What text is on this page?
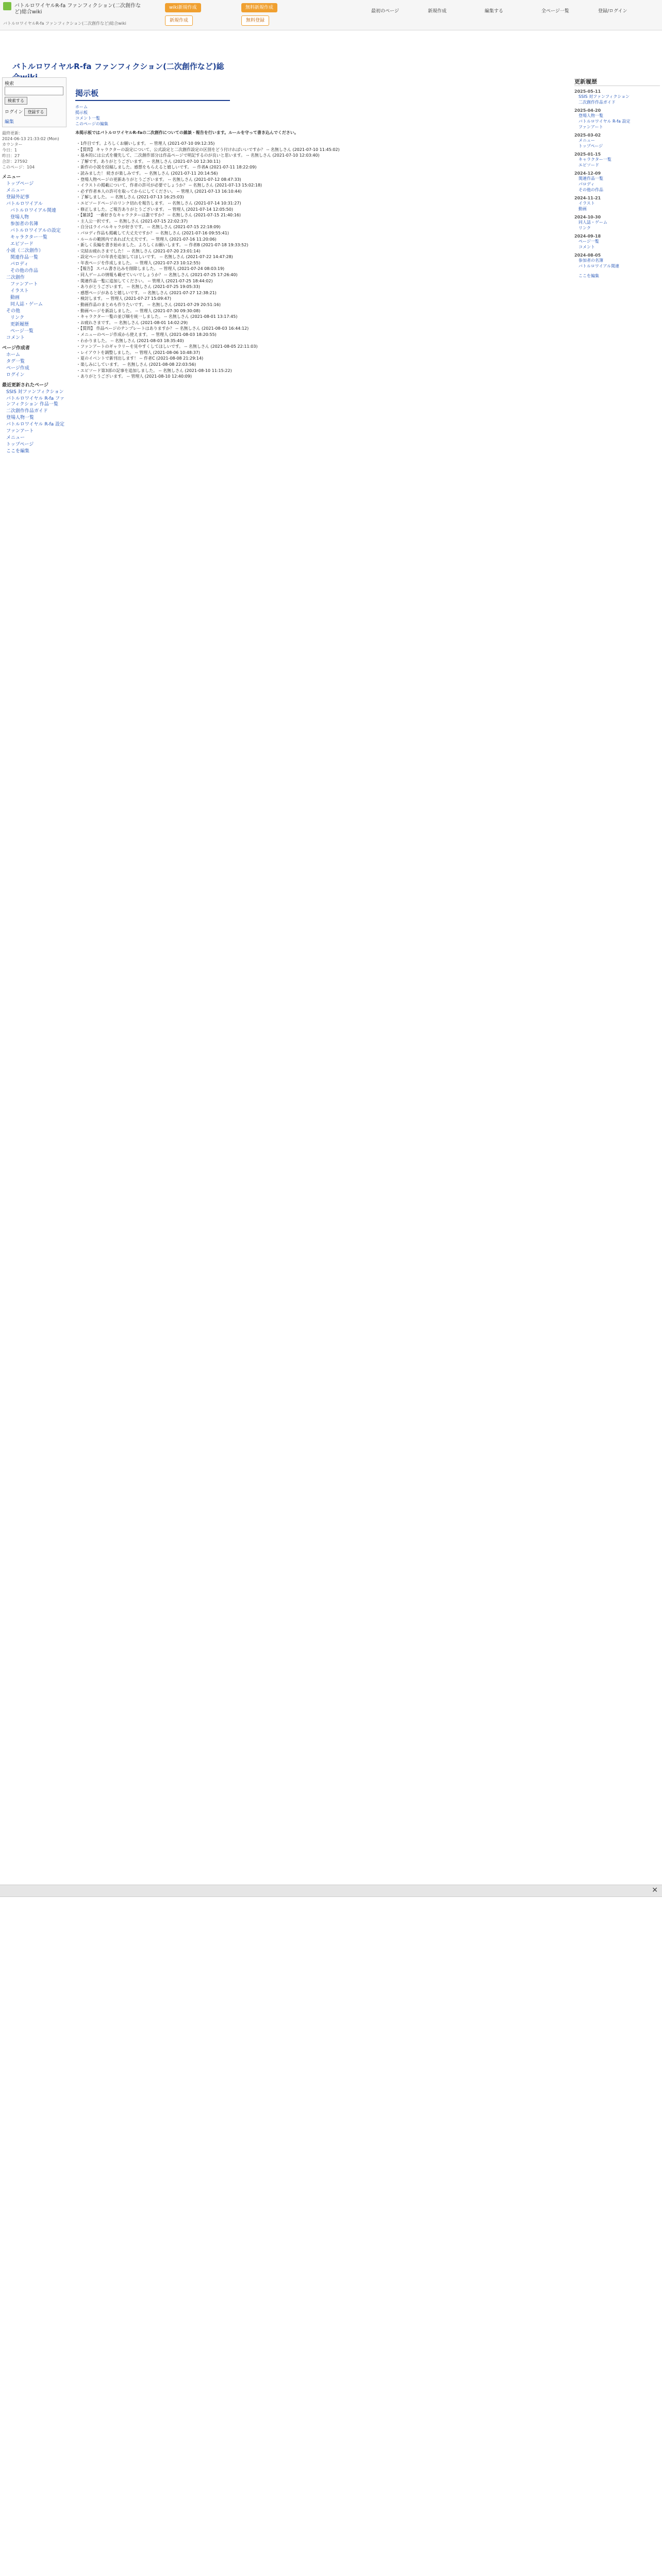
バトルロワイヤルR-fa ファンフィクション(二次創作など)総合wiki
バトルロワイヤルR-fa ファンフィクション(二次創作など)総合wiki
wiki新規作成	無料新規作成
新規作成	無料登録
最初のページ	新規作成	編集する	全ページ一覧	登録/ログイン
バトルロワイヤルR-fa ファンフィクション(二次創作など)総
検索
検索する
ログイン 登録する
編集
最終更新：
2024-06-13 21:33:02 (Mon)
カウンター
今日：1
昨日：27
合計：27592
このページ：104
メニュー
トップページ
メニュー
登録外記事
バトルロワイアル
バトルロワイアル関連
登場人物
参加者の名簿
バトルロワイアルの設定
キャラクター一覧
エピソード
小説（二次創作）
関連作品一覧
パロディ
その他の作品
二次創作
ファンアート
イラスト
動画
同人誌・ゲーム
その他
リンク
更新履歴
ページ一覧
コメント
ページ作成者
ホーム
タグ一覧
ページ作成
ログイン
最近更新されたページ
SSIS 対ファンフィクション
バトルロワイヤル R-fa ファンフィクション 作品一覧
二次創作作品ガイド
登場人物一覧
バトルロワイヤル R-fa 設定
ファンアート
メニュー
トップページ
ここを編集
掲示板
ホーム
掲示板
コメント一覧
このページの編集

本掲示板ではバトルロワイヤルR-faの二次創作についての雑談・報告を行います。ルールを守って書き込んでください。

・1件目です。よろしくお願いします。 -- 管理人 (2021-07-10 09:12:35)

・【質問】 キャラクターの設定について、公式設定と二次創作設定の区別をどう付ければいいですか？ -- 名無しさん (2021-07-10 11:45:02)

・基本的には公式を優先して、二次創作部分は作品ページで明記するのが良いと思います。 -- 名無しさん (2021-07-10 12:03:40)

・了解です。ありがとうございます。 -- 名無しさん (2021-07-10 12:30:11)

・新作の小説を投稿しました。感想をもらえると嬉しいです。 -- 作者A (2021-07-11 18:22:09)

・読みました！ 続きが楽しみです。 -- 名無しさん (2021-07-11 20:14:56)

・登場人物ページの更新ありがとうございます。 -- 名無しさん (2021-07-12 08:47:33)

・イラストの掲載について、作者の許可が必要でしょうか？ -- 名無しさん (2021-07-13 15:02:18)

・必ず作者本人の許可を取ってからにしてください。 -- 管理人 (2021-07-13 16:10:44)

・了解しました。 -- 名無しさん (2021-07-13 16:25:03)

・エピソードページのリンク切れを報告します。 -- 名無しさん (2021-07-14 10:31:27)

・修正しました。ご報告ありがとうございます。 -- 管理人 (2021-07-14 12:05:50)

・【雑談】 一番好きなキャラクターは誰ですか？ -- 名無しさん (2021-07-15 21:40:16)

・主人公一択です。 -- 名無しさん (2021-07-15 22:02:37)

・自分はライバルキャラが好きです。 -- 名無しさん (2021-07-15 22:18:09)

・パロディ作品も掲載して大丈夫ですか？ -- 名無しさん (2021-07-16 09:55:41)

・ルールの範囲内であれば大丈夫です。 -- 管理人 (2021-07-16 11:20:06)

・新しく長編を書き始めました。よろしくお願いします。 -- 作者B (2021-07-18 19:33:52)

・完結お疲れさまでした！ -- 名無しさん (2021-07-20 23:01:14)

・設定ページの年表を追加してほしいです。 -- 名無しさん (2021-07-22 14:47:28)

・年表ページを作成しました。 -- 管理人 (2021-07-23 10:12:55)

・【報告】 スパム書き込みを削除しました。 -- 管理人 (2021-07-24 08:03:19)

・同人ゲームの情報も載せていいでしょうか？ -- 名無しさん (2021-07-25 17:26:40)

・関連作品一覧に追加してください。 -- 管理人 (2021-07-25 18:44:02)

・ありがとうございます。 -- 名無しさん (2021-07-25 19:05:33)

・感想ページがあると嬉しいです。 -- 名無しさん (2021-07-27 12:38:21)

・検討します。 -- 管理人 (2021-07-27 15:09:47)

・動画作品のまとめも作りたいです。 -- 名無しさん (2021-07-29 20:51:16)

・動画ページを新設しました。 -- 管理人 (2021-07-30 09:30:08)

・キャラクター一覧の並び順を統一しました。 -- 名無しさん (2021-08-01 13:17:45)

・お疲れさまです。 -- 名無しさん (2021-08-01 14:02:29)

・【質問】 作品ページのテンプレートはありますか？ -- 名無しさん (2021-08-03 16:44:12)

・メニューのページ作成から使えます。 -- 管理人 (2021-08-03 18:20:55)

・わかりました。 -- 名無しさん (2021-08-03 18:35:40)

・ファンアートのギャラリーを見やすくしてほしいです。 -- 名無しさん (2021-08-05 22:11:03)

・レイアウトを調整しました。 -- 管理人 (2021-08-06 10:48:37)

・夏のイベントで新刊出します！ -- 作者C (2021-08-08 21:29:14)

・楽しみにしています。 -- 名無しさん (2021-08-08 22:03:56)

・エピソード第3部の記事を追加しました。 -- 名無しさん (2021-08-10 11:15:22)

・ありがとうございます。 -- 管理人 (2021-08-10 12:40:09)

更新履歴
2025-05-11
SSIS 対ファンフィクション
二次創作作品ガイド
2025-04-20
登場人物一覧
バトルロワイヤル R-fa 設定
ファンアート
2025-03-02
メニュー
トップページ
2025-01-15
キャラクター一覧
エピソード
2024-12-09
関連作品一覧
パロディ
その他の作品
2024-11-21
イラスト
動画
2024-10-30
同人誌・ゲーム
リンク
2024-09-18
ページ一覧
コメント
2024-08-05
参加者の名簿
バトルロワイアル関連
ここを編集
✕
